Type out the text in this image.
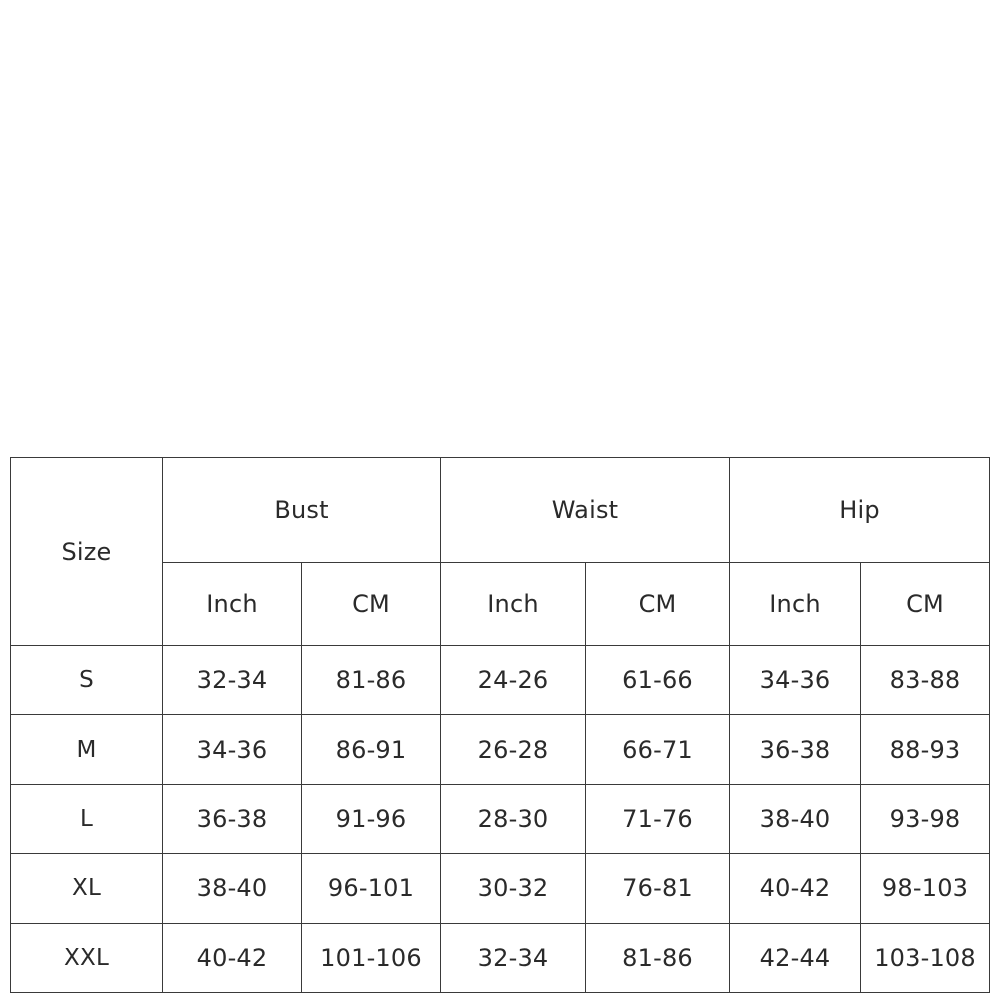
Size	Bust		Waist		Hip	
	Inch	CM	Inch	CM	Inch	CM
S	32-34	81-86	24-26	61-66	34-36	83-88
M	34-36	86-91	26-28	66-71	36-38	88-93
L	36-38	91-96	28-30	71-76	38-40	93-98
XL	38-40	96-101	30-32	76-81	40-42	98-103
XXL	40-42	101-106	32-34	81-86	42-44	103-108
